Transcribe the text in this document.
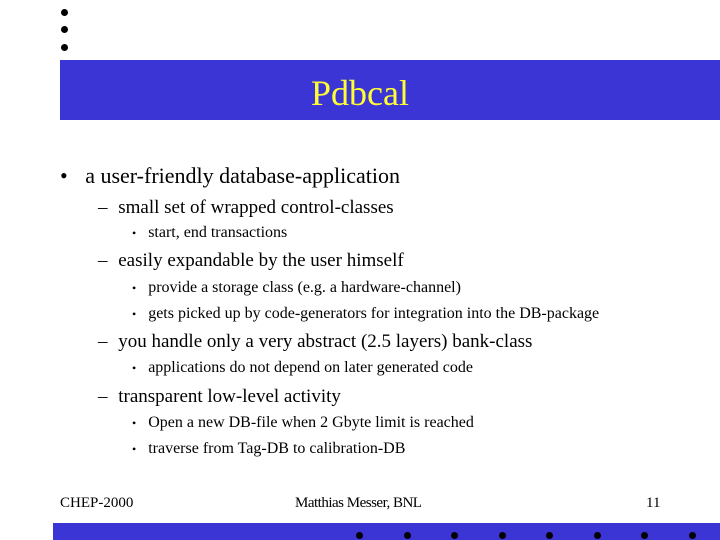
Pdbcal
• a user-friendly database-application
– small set of wrapped control-classes
• start, end transactions
– easily expandable by the user himself
• provide a storage class (e.g. a hardware-channel)
• gets picked up by code-generators for integration into the DB-package
– you handle only a very abstract (2.5 layers) bank-class
• applications do not depend on later generated code
– transparent low-level activity
• Open a new DB-file when 2 Gbyte limit is reached
• traverse from Tag-DB to calibration-DB
CHEP-2000	Matthias Messer, BNL	11
